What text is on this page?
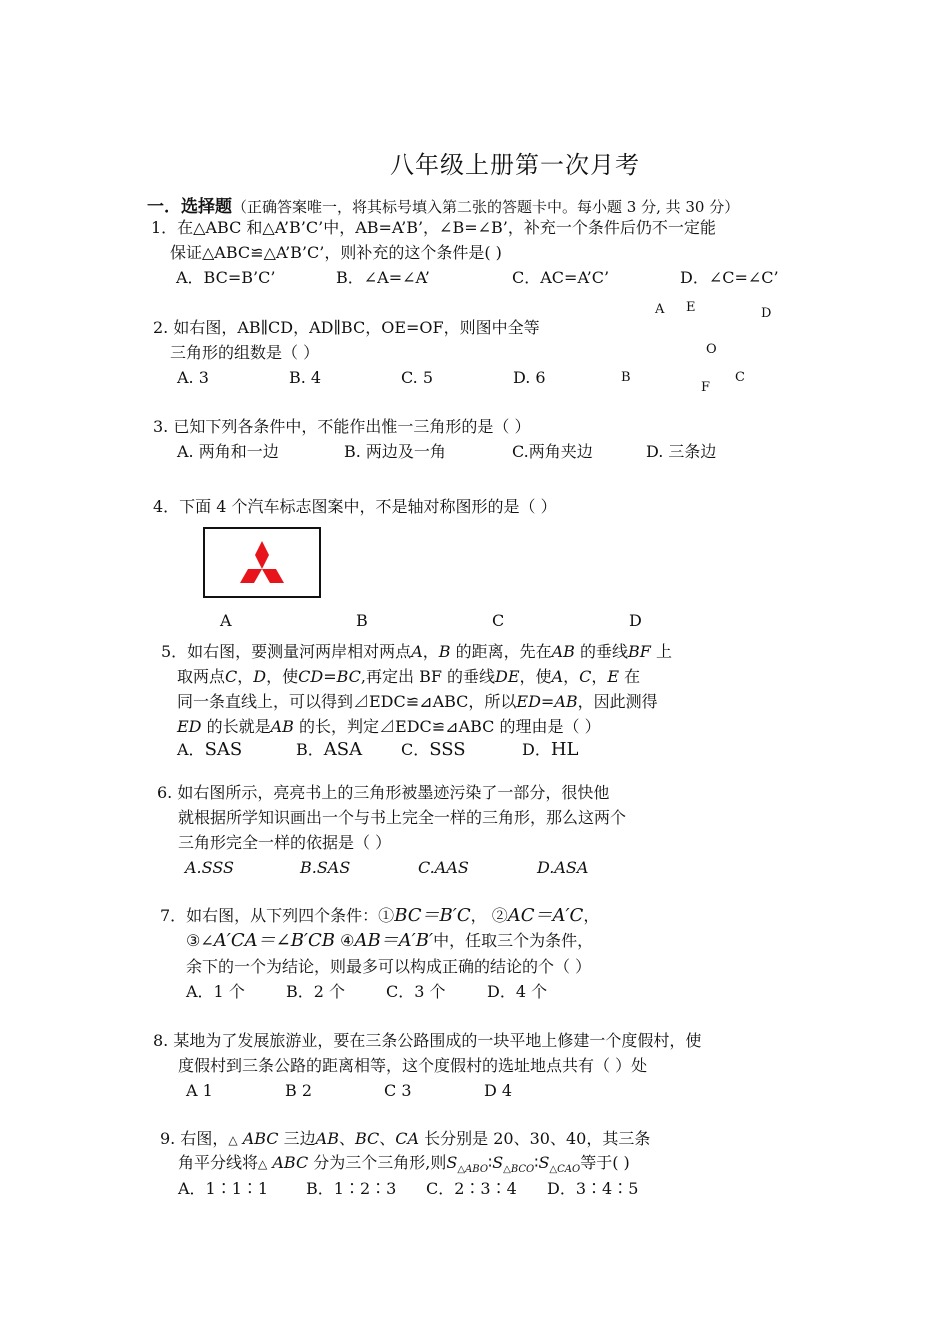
八年级上册第一次月考
一．选择题（正确答案唯一，将其标号填入第二张的答题卡中。每小题 3 分, 共 30 分）
1．在△ABC 和△A’B’C’中，AB=A’B’，∠B=∠B’，补充一个条件后仍不一定能
保证△ABC≌△A’B’C’，则补充的这个条件是( )
A．BC=B’C’	B．∠A=∠A’	C．AC=A’C’	D．∠C=∠C’
2. 如右图，AB∥CD，AD∥BC，OE=OF，则图中全等
三角形的组数是（ ）
A. 3	B. 4	C. 5	D. 6
A E	D
O
B
F
C
3. 已知下列各条件中，不能作出惟一三角形的是（ ）
A. 两角和一边	B. 两边及一角	C.两角夹边	D. 三条边
4．下面 4 个汽车标志图案中，不是轴对称图形的是（ ）
A	B	C	D
5．如右图，要测量河两岸相对两点A，B 的距离，先在AB 的垂线BF 上
取两点C，D，使CD=BC,再定出 BF 的垂线DE，使A，C，E 在
同一条直线上，可以得到⊿EDC≌⊿ABC，所以ED=AB，因此测得
ED 的长就是AB 的长，判定⊿EDC≌⊿ABC 的理由是（ ）
A．SAS	B．ASA C．SSS	D．HL
6. 如右图所示，亮亮书上的三角形被墨迹污染了一部分，很快他
就根据所学知识画出一个与书上完全一样的三角形，那么这两个
三角形完全一样的依据是（ ）
A.SSS	B.SAS	C.AAS	D.ASA
7．如右图，从下列四个条件：①BC＝B′C， ②AC＝A′C，
③∠A′CA＝∠B′CB ④AB＝A′B′中，任取三个为条件，
余下的一个为结论，则最多可以构成正确的结论的个（ ）
A．1 个	B．2 个	C．3 个	D．4 个
8. 某地为了发展旅游业，要在三条公路围成的一块平地上修建一个度假村，使
度假村到三条公路的距离相等，这个度假村的选址地点共有（ ）处
A 1	B 2	C 3	D 4
9. 右图，△ ABC 三边AB、BC、CA 长分别是 20、30、40，其三条
角平分线将△ ABC 分为三个三角形,则$S_{\triangle ABO}∶S_{\triangle BCO}∶S_{\triangle CAO}$等于( )
A．1∶1∶1 B．1∶2∶3 C．2∶3∶4 D．3∶4∶5
